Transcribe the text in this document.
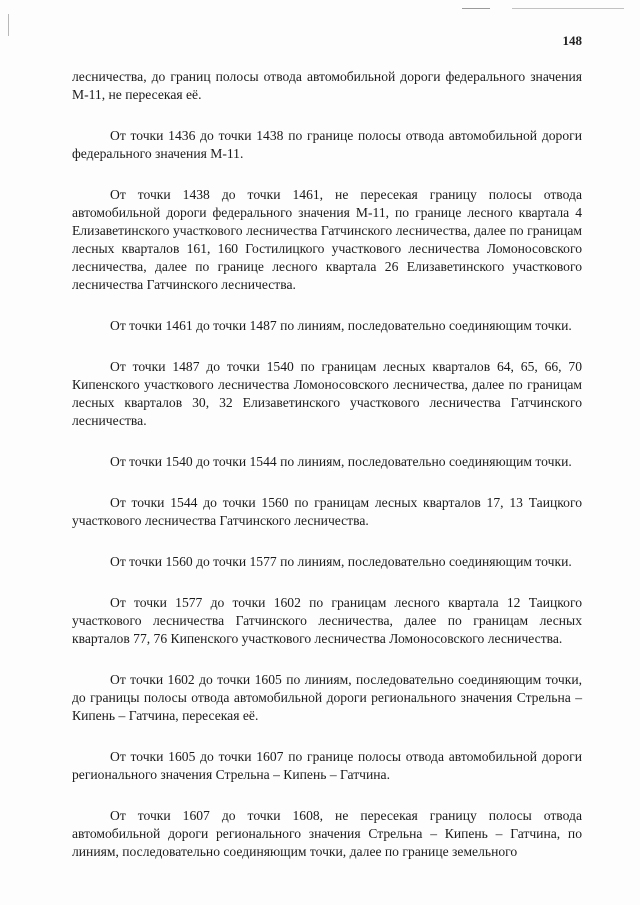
148

лесничества, до границ полосы отвода автомобильной дороги федерального значения М-11, не пересекая её.

От точки 1436 до точки 1438 по границе полосы отвода автомобильной дороги федерального значения М-11.

От точки 1438 до точки 1461, не пересекая границу полосы отвода автомобильной дороги федерального значения М-11, по границе лесного квартала 4 Елизаветинского участкового лесничества Гатчинского лесничества, далее по границам лесных кварталов 161, 160 Гостилицкого участкового лесничества Ломоносовского лесничества, далее по границе лесного квартала 26 Елизаветинского участкового лесничества Гатчинского лесничества.

От точки 1461 до точки 1487 по линиям, последовательно соединяющим точки.

От точки 1487 до точки 1540 по границам лесных кварталов 64, 65, 66, 70 Кипенского участкового лесничества Ломоносовского лесничества, далее по границам лесных кварталов 30, 32 Елизаветинского участкового лесничества Гатчинского лесничества.

От точки 1540 до точки 1544 по линиям, последовательно соединяющим точки.

От точки 1544 до точки 1560 по границам лесных кварталов 17, 13 Таицкого участкового лесничества Гатчинского лесничества.

От точки 1560 до точки 1577 по линиям, последовательно соединяющим точки.

От точки 1577 до точки 1602 по границам лесного квартала 12 Таицкого участкового лесничества Гатчинского лесничества, далее по границам лесных кварталов 77, 76 Кипенского участкового лесничества Ломоносовского лесничества.

От точки 1602 до точки 1605 по линиям, последовательно соединяющим точки, до границы полосы отвода автомобильной дороги регионального значения Стрельна – Кипень – Гатчина, пересекая её.

От точки 1605 до точки 1607 по границе полосы отвода автомобильной дороги регионального значения Стрельна – Кипень – Гатчина.

От точки 1607 до точки 1608, не пересекая границу полосы отвода автомобильной дороги регионального значения Стрельна – Кипень – Гатчина, по линиям, последовательно соединяющим точки, далее по границе земельного
